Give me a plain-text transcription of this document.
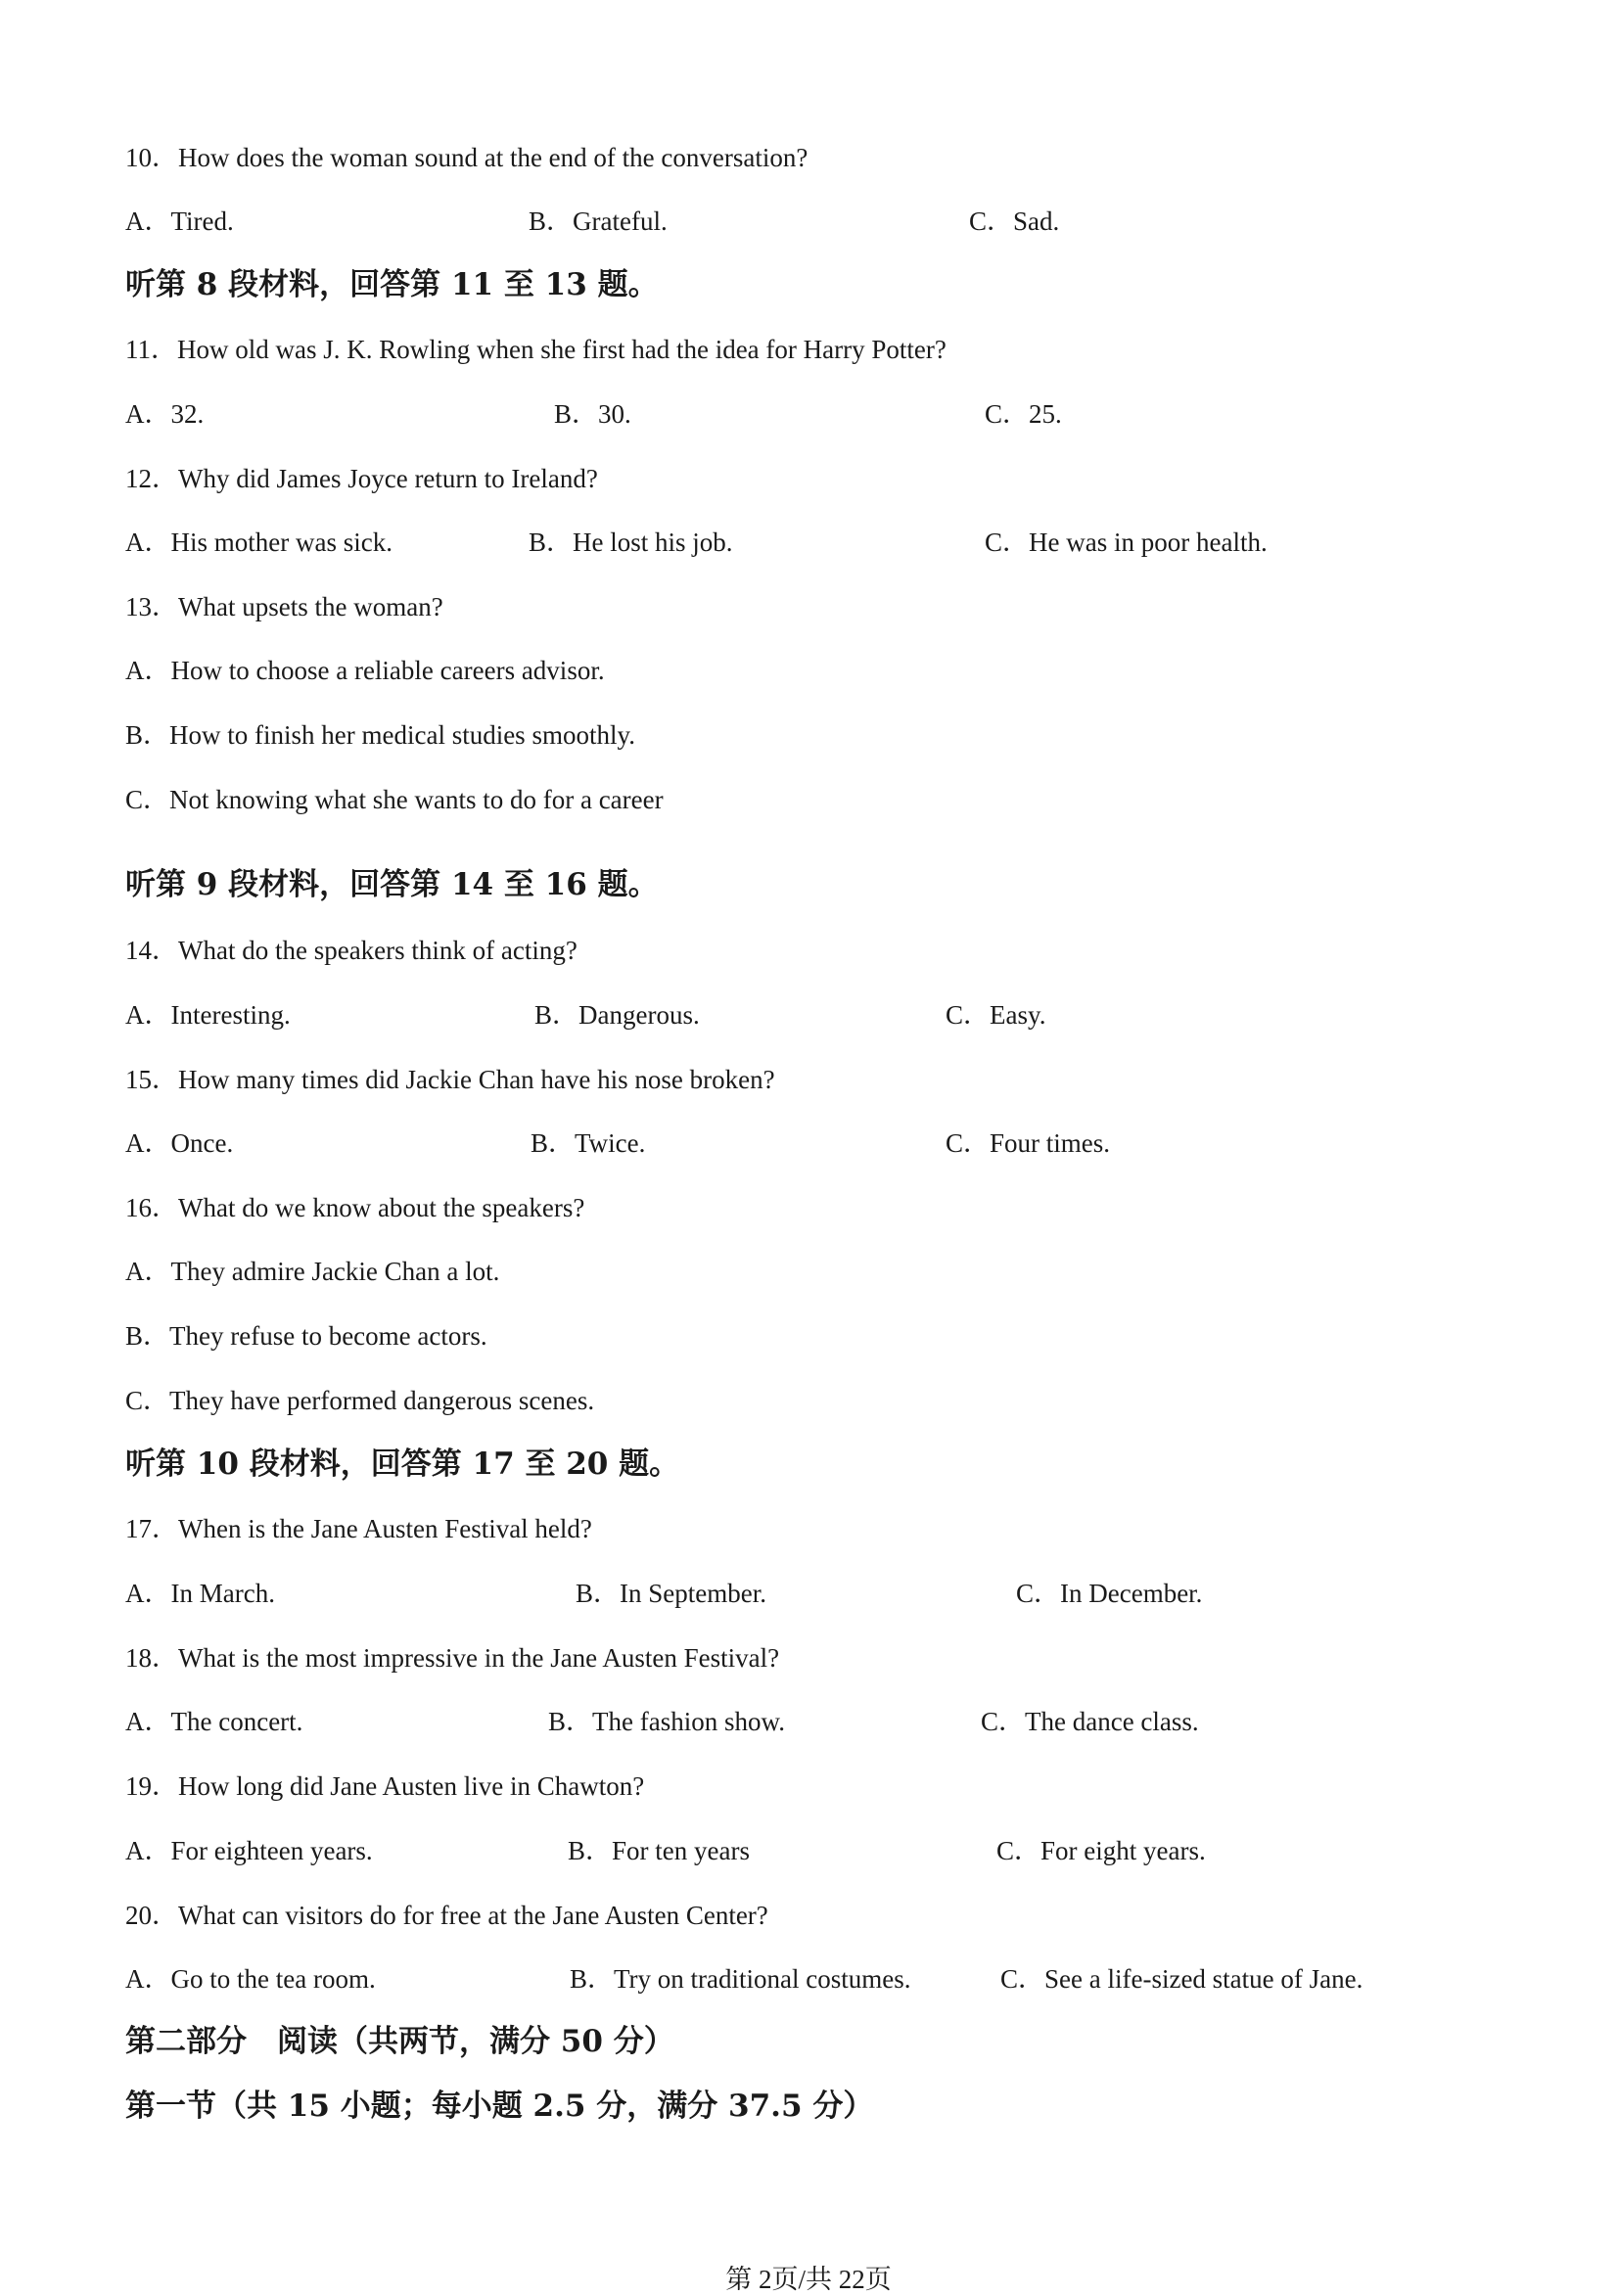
10．How does the woman sound at the end of the conversation?
A．Tired.	B．Grateful.	C．Sad.
听第 8 段材料，回答第 11 至 13 题。
11．How old was J. K. Rowling when she first had the idea for Harry Potter?
A．32.	B．30.	C．25.
12．Why did James Joyce return to Ireland?
A．His mother was sick.	B．He lost his job.	C．He was in poor health.
13．What upsets the woman?
A．How to choose a reliable careers advisor.
B．How to finish her medical studies smoothly.
C．Not knowing what she wants to do for a career
听第 9 段材料，回答第 14 至 16 题。
14．What do the speakers think of acting?
A．Interesting.	B．Dangerous.	C．Easy.
15．How many times did Jackie Chan have his nose broken?
A．Once.	B．Twice.	C．Four times.
16．What do we know about the speakers?
A．They admire Jackie Chan a lot.
B．They refuse to become actors.
C．They have performed dangerous scenes.
听第 10 段材料，回答第 17 至 20 题。
17．When is the Jane Austen Festival held?
A．In March.	B．In September.	C．In December.
18．What is the most impressive in the Jane Austen Festival?
A．The concert.	B．The fashion show.	C．The dance class.
19．How long did Jane Austen live in Chawton?
A．For eighteen years.	B．For ten years	C．For eight years.
20．What can visitors do for free at the Jane Austen Center?
A．Go to the tea room.	B．Try on traditional costumes.	C．See a life-sized statue of Jane.
第二部分　阅读（共两节，满分 50 分）
第一节（共 15 小题；每小题 2.5 分，满分 37.5 分）
第 2页/共 22页
